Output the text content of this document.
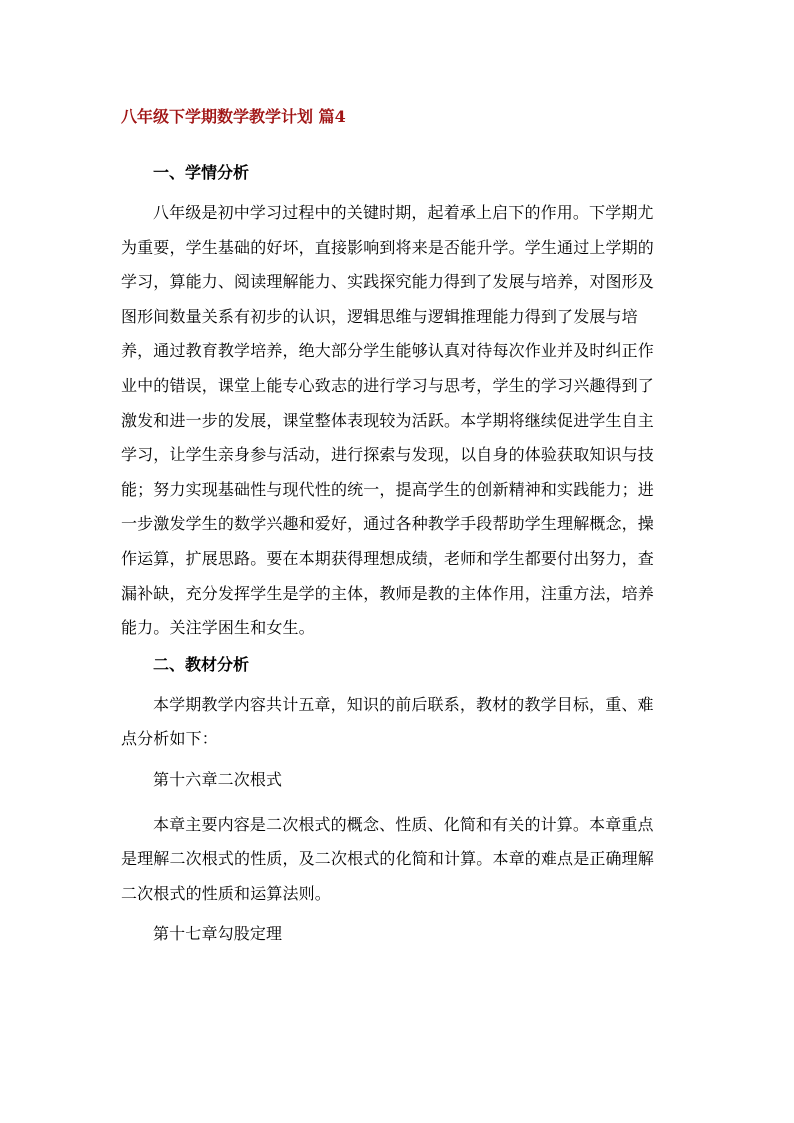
八年级下学期数学教学计划 篇4
一、学情分析

八年级是初中学习过程中的关键时期，起着承上启下的作用。下学期尤为重要，学生基础的好坏，直接影响到将来是否能升学。学生通过上学期的学习，算能力、阅读理解能力、实践探究能力得到了发展与培养，对图形及图形间数量关系有初步的认识，逻辑思维与逻辑推理能力得到了发展与培养，通过教育教学培养，绝大部分学生能够认真对待每次作业并及时纠正作业中的错误，课堂上能专心致志的进行学习与思考，学生的学习兴趣得到了激发和进一步的发展，课堂整体表现较为活跃。本学期将继续促进学生自主学习，让学生亲身参与活动，进行探索与发现，以自身的体验获取知识与技能；努力实现基础性与现代性的统一，提高学生的创新精神和实践能力；进一步激发学生的数学兴趣和爱好，通过各种教学手段帮助学生理解概念，操作运算，扩展思路。要在本期获得理想成绩，老师和学生都要付出努力，查漏补缺，充分发挥学生是学的主体，教师是教的主体作用，注重方法，培养能力。关注学困生和女生。

二、教材分析

本学期教学内容共计五章，知识的前后联系，教材的教学目标，重、难点分析如下：

第十六章二次根式

本章主要内容是二次根式的概念、性质、化简和有关的计算。本章重点是理解二次根式的性质，及二次根式的化简和计算。本章的难点是正确理解二次根式的性质和运算法则。

第十七章勾股定理
